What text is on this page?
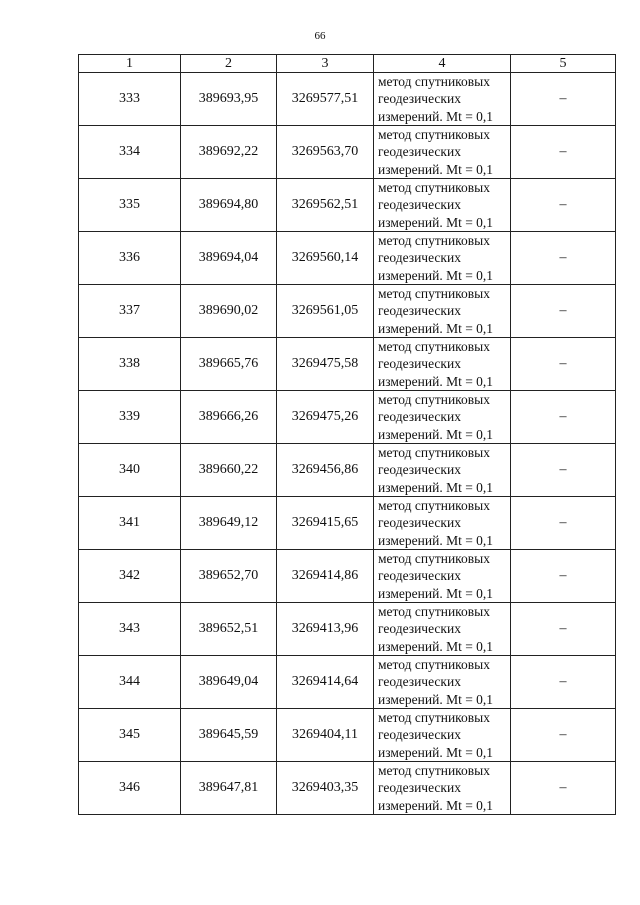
66
1	2	3	4	5
333	389693,95	3269577,51	метод спутниковых
геодезических
измерений. Mt = 0,1	–
334	389692,22	3269563,70	метод спутниковых
геодезических
измерений. Mt = 0,1	–
335	389694,80	3269562,51	метод спутниковых
геодезических
измерений. Mt = 0,1	–
336	389694,04	3269560,14	метод спутниковых
геодезических
измерений. Mt = 0,1	–
337	389690,02	3269561,05	метод спутниковых
геодезических
измерений. Mt = 0,1	–
338	389665,76	3269475,58	метод спутниковых
геодезических
измерений. Mt = 0,1	–
339	389666,26	3269475,26	метод спутниковых
геодезических
измерений. Mt = 0,1	–
340	389660,22	3269456,86	метод спутниковых
геодезических
измерений. Mt = 0,1	–
341	389649,12	3269415,65	метод спутниковых
геодезических
измерений. Mt = 0,1	–
342	389652,70	3269414,86	метод спутниковых
геодезических
измерений. Mt = 0,1	–
343	389652,51	3269413,96	метод спутниковых
геодезических
измерений. Mt = 0,1	–
344	389649,04	3269414,64	метод спутниковых
геодезических
измерений. Mt = 0,1	–
345	389645,59	3269404,11	метод спутниковых
геодезических
измерений. Mt = 0,1	–
346	389647,81	3269403,35	метод спутниковых
геодезических
измерений. Mt = 0,1	–
